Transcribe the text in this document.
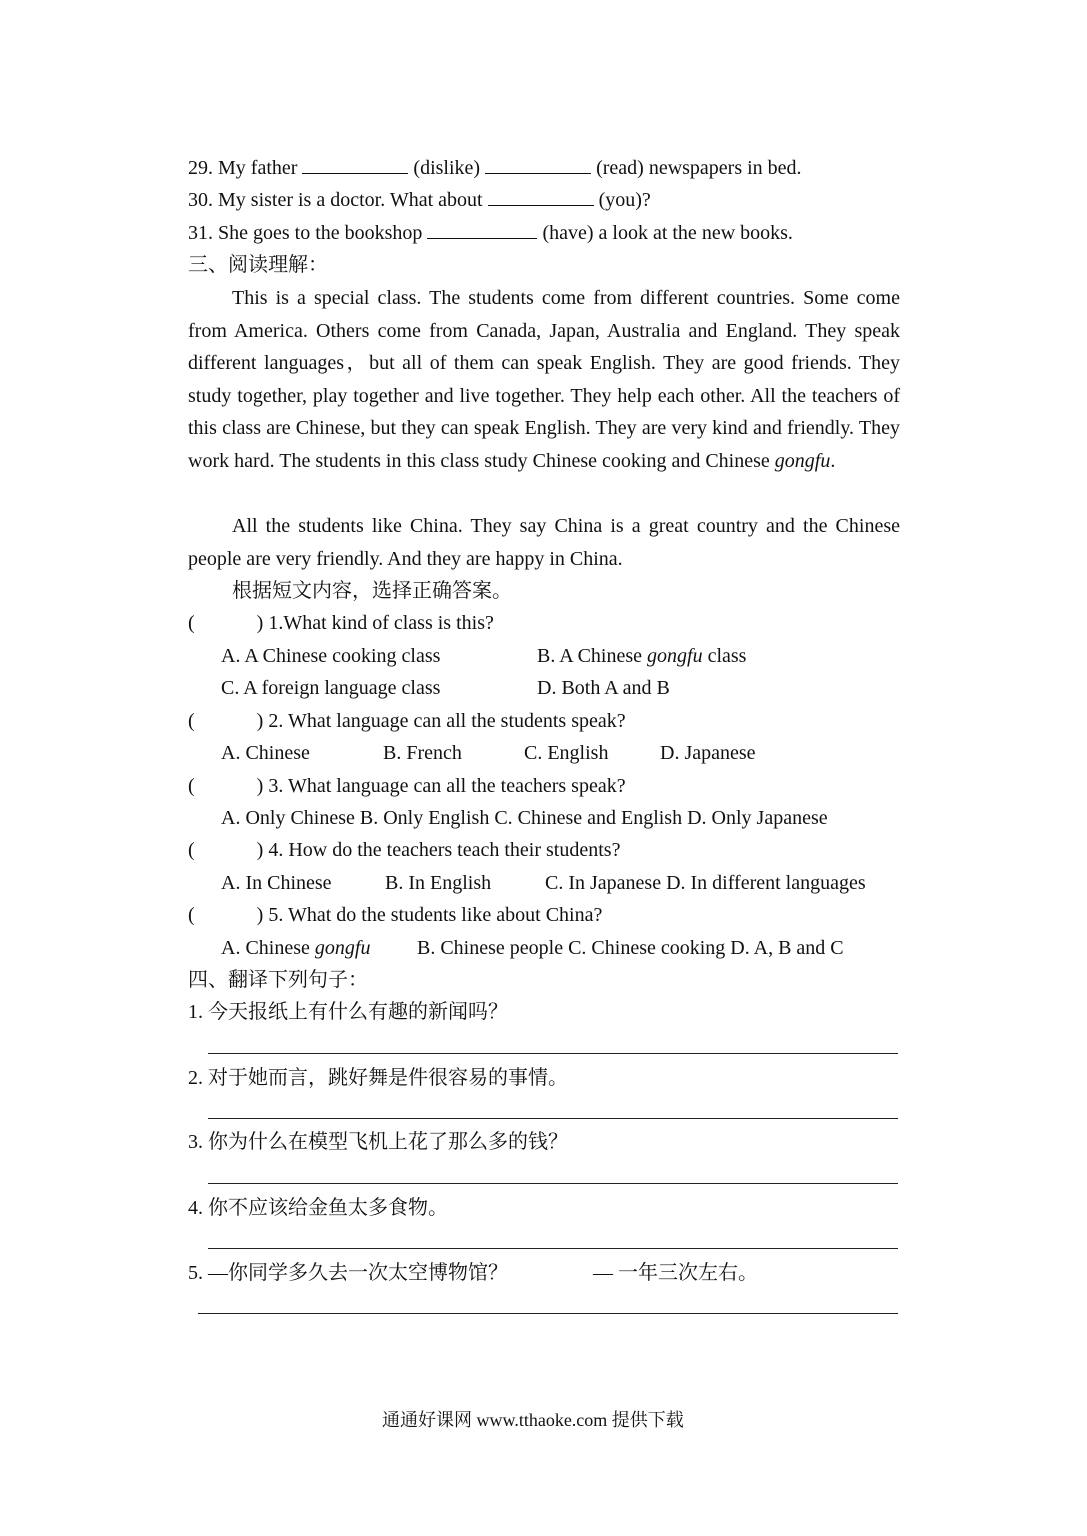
29. My father	(dislike)	(read) newspapers in bed.
30. My sister is a doctor. What about	(you)?
31. She goes to the bookshop	(have) a look at the new books.
三、阅读理解：
This is a special class. The students come from different countries. Some come from America. Others come from Canada, Japan, Australia and England. They speak different languages，but all of them can speak English. They are good friends. They study together, play together and live together. They help each other. All the teachers of this class are Chinese, but they can speak English. They are very kind and friendly. They work hard. The students in this class study Chinese cooking and Chinese gongfu.
All the students like China. They say China is a great country and the Chinese people are very friendly. And they are happy in China.
根据短文内容，选择正确答案。
(	) 1.What kind of class is this?
A. A Chinese cooking class	B. A Chinese gongfu class
C. A foreign language class	D. Both A and B
(	) 2. What language can all the students speak?
A. Chinese	B. French	C. English	D. Japanese
(	) 3. What language can all the teachers speak?
A. Only Chinese B. Only English C. Chinese and English D. Only Japanese
(	) 4. How do the teachers teach their students?
A. In Chinese	B. In English	C. In Japanese D. In different languages
(	) 5. What do the students like about China?
A. Chinese gongfu B. Chinese people C. Chinese cooking D. A, B and C
四、翻译下列句子：
1. 今天报纸上有什么有趣的新闻吗？
2. 对于她而言，跳好舞是件很容易的事情。
3. 你为什么在模型飞机上花了那么多的钱？
4. 你不应该给金鱼太多食物。
5. —你同学多久去一次太空博物馆？	— 一年三次左右。
通通好课网 www.tthaoke.com 提供下载
